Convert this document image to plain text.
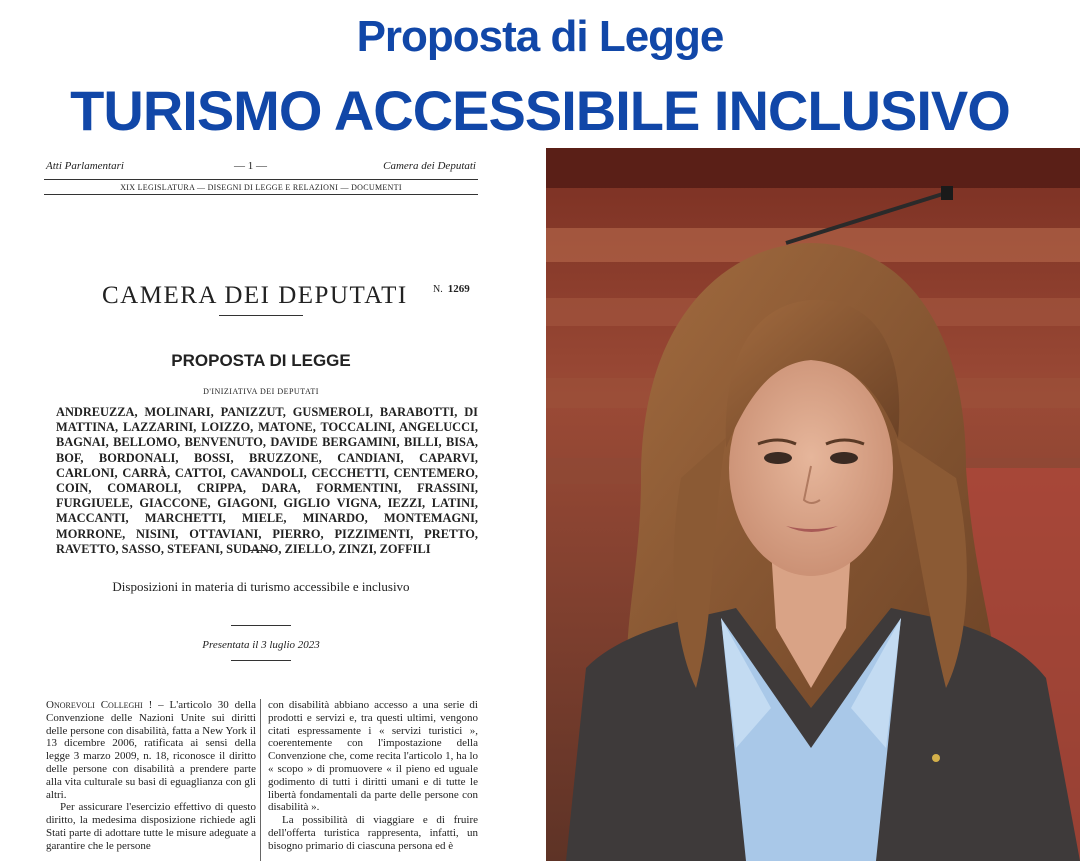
Proposta di Legge
TURISMO ACCESSIBILE INCLUSIVO
Atti Parlamentari	— 1 —	Camera dei Deputati
XIX LEGISLATURA — DISEGNI DI LEGGE E RELAZIONI — DOCUMENTI
CAMERA DEI DEPUTATI	N. 1269
PROPOSTA DI LEGGE
D'INIZIATIVA DEI DEPUTATI
ANDREUZZA, MOLINARI, PANIZZUT, GUSMEROLI, BARABOTTI, DI MATTINA, LAZZARINI, LOIZZO, MATONE, TOCCALINI, ANGELUCCI, BAGNAI, BELLOMO, BENVENUTO, DAVIDE BERGAMINI, BILLI, BISA, BOF, BORDONALI, BOSSI, BRUZZONE, CANDIANI, CAPARVI, CARLONI, CARRÀ, CATTOI, CAVANDOLI, CECCHETTI, CENTEMERO, COIN, COMAROLI, CRIPPA, DARA, FORMENTINI, FRASSINI, FURGIUELE, GIACCONE, GIAGONI, GIGLIO VIGNA, IEZZI, LATINI, MACCANTI, MARCHETTI, MIELE, MINARDO, MONTEMAGNI, MORRONE, NISINI, OTTAVIANI, PIERRO, PIZZIMENTI, PRETTO, RAVETTO, SASSO, STEFANI, SUDANO, ZIELLO, ZINZI, ZOFFILI
Disposizioni in materia di turismo accessibile e inclusivo
Presentata il 3 luglio 2023

Onorevoli Colleghi ! – L'articolo 30 della Convenzione delle Nazioni Unite sui diritti delle persone con disabilità, fatta a New York il 13 dicembre 2006, ratificata ai sensi della legge 3 marzo 2009, n. 18, riconosce il diritto delle persone con disabilità a prendere parte alla vita culturale su basi di eguaglianza con gli altri.

Per assicurare l'esercizio effettivo di questo diritto, la medesima disposizione richiede agli Stati parte di adottare tutte le misure adeguate a garantire che le persone

con disabilità abbiano accesso a una serie di prodotti e servizi e, tra questi ultimi, vengono citati espressamente i « servizi turistici », coerentemente con l'impostazione della Convenzione che, come recita l'articolo 1, ha lo « scopo » di promuovere « il pieno ed uguale godimento di tutti i diritti umani e di tutte le libertà fondamentali da parte delle persone con disabilità ».

La possibilità di viaggiare e di fruire dell'offerta turistica rappresenta, infatti, un bisogno primario di ciascuna persona ed è
